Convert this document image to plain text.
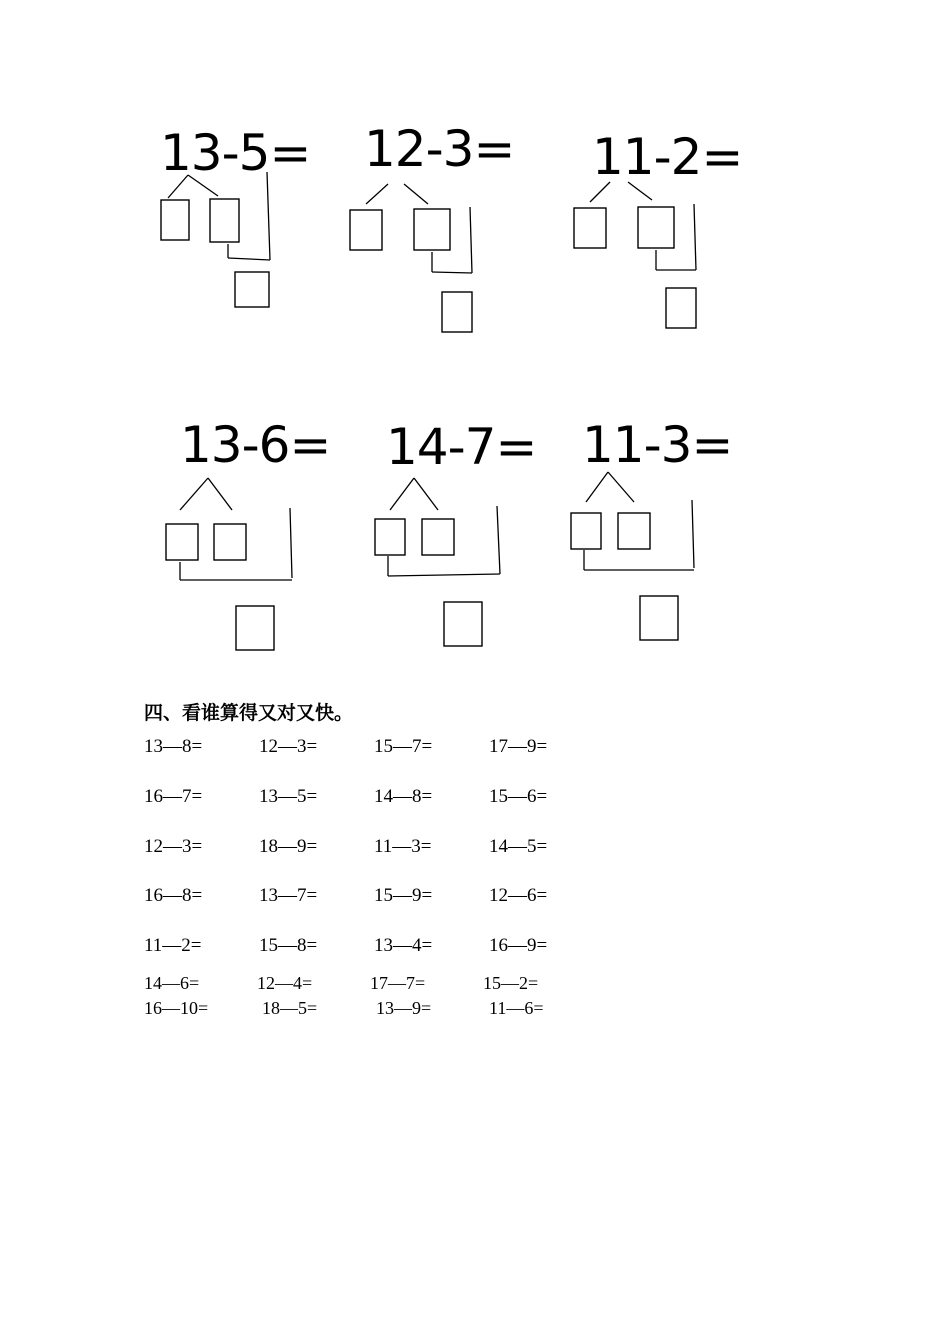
13-5= 12-3= 11-2=
13-6= 14-7= 11-3=
四、看谁算得又对又快。
13—8=	12—3=	15—7=	17—9=
16—7=	13—5=	14—8=	15—6=
12—3=	18—9=	11—3=	14—5=
16—8=	13—7=	15—9=	12—6=
11—2=	15—8=	13—4=	16—9=
14—6=	12—4=	17—7=	15—2=
16—10=	18—5=	13—9=	11—6=
